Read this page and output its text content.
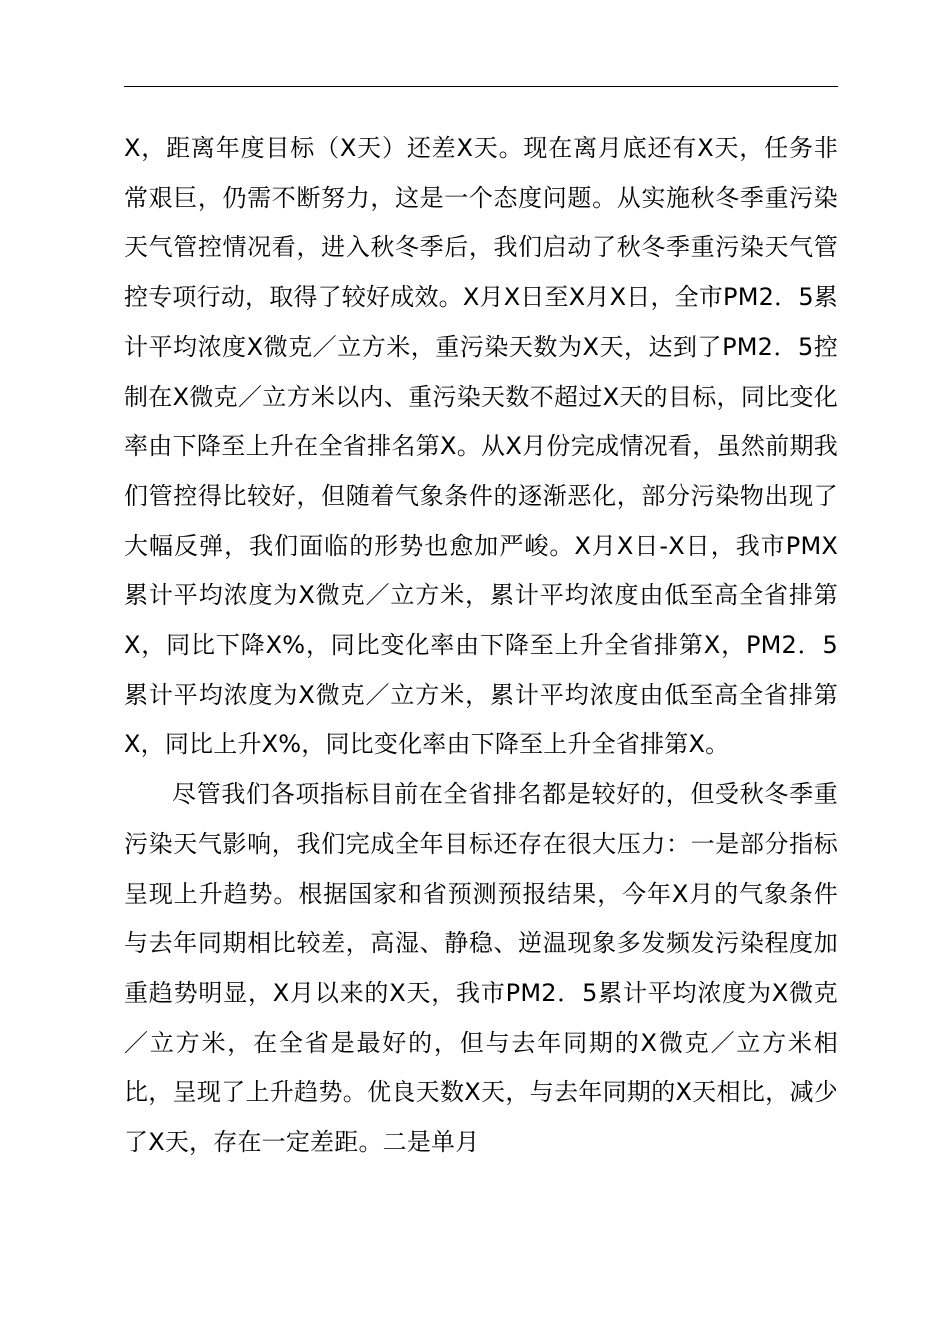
X，距离年度目标（X天）还差X天。现在离月底还有X天，任务非常艰巨，仍需不断努力，这是一个态度问题。从实施秋冬季重污染天气管控情况看，进入秋冬季后，我们启动了秋冬季重污染天气管控专项行动，取得了较好成效。X月X日至X月X日，全市PM2．5累计平均浓度X微克／立方米，重污染天数为X天，达到了PM2．5控制在X微克／立方米以内、重污染天数不超过X天的目标，同比变化率由下降至上升在全省排名第X。从X月份完成情况看，虽然前期我们管控得比较好，但随着气象条件的逐渐恶化，部分污染物出现了大幅反弹，我们面临的形势也愈加严峻。X月X日-X日，我市PMX累计平均浓度为X微克／立方米，累计平均浓度由低至高全省排第X，同比下降X%，同比变化率由下降至上升全省排第X，PM2．5累计平均浓度为X微克／立方米，累计平均浓度由低至高全省排第X，同比上升X%，同比变化率由下降至上升全省排第X。

尽管我们各项指标目前在全省排名都是较好的，但受秋冬季重污染天气影响，我们完成全年目标还存在很大压力：一是部分指标呈现上升趋势。根据国家和省预测预报结果，今年X月的气象条件与去年同期相比较差，高湿、静稳、逆温现象多发频发污染程度加重趋势明显，X月以来的X天，我市PM2．5累计平均浓度为X微克／立方米，在全省是最好的，但与去年同期的X微克／立方米相比，呈现了上升趋势。优良天数X天，与去年同期的X天相比，减少了X天，存在一定差距。二是单月
